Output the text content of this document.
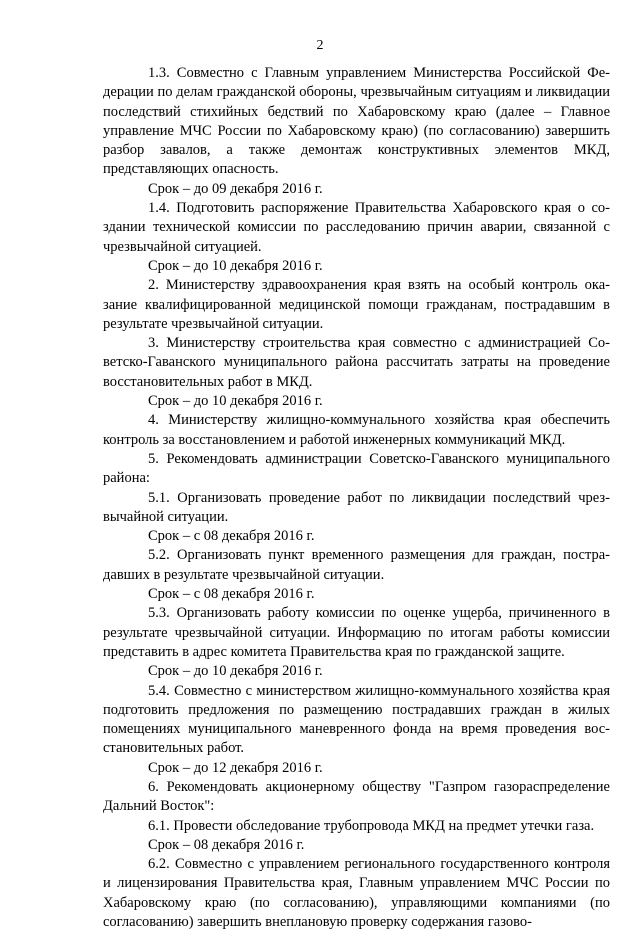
2

1.3. Совместно с Главным управлением Министерства Российской Федерации по делам гражданской обороны, чрезвычайным ситуациям и ликвидации последствий стихийных бедствий по Хабаровскому краю (далее – Главное управление МЧС России по Хабаровскому краю) (по согласованию) завершить разбор завалов, а также демонтаж конструктивных элементов МКД, представляющих опасность.

Срок – до 09 декабря 2016 г.

1.4. Подготовить распоряжение Правительства Хабаровского края о создании технической комиссии по расследованию причин аварии, связанной с чрезвычайной ситуацией.

Срок – до 10 декабря 2016 г.

2. Министерству здравоохранения края взять на особый контроль оказание квалифицированной медицинской помощи гражданам, пострадавшим в результате чрезвычайной ситуации.

3. Министерству строительства края совместно с администрацией Советско-Гаванского муниципального района рассчитать затраты на проведение восстановительных работ в МКД.

Срок – до 10 декабря 2016 г.

4. Министерству жилищно-коммунального хозяйства края обеспечить контроль за восстановлением и работой инженерных коммуникаций МКД.

5. Рекомендовать администрации Советско-Гаванского муниципального района:

5.1. Организовать проведение работ по ликвидации последствий чрезвычайной ситуации.

Срок – с 08 декабря 2016 г.

5.2. Организовать пункт временного размещения для граждан, пострадавших в результате чрезвычайной ситуации.

Срок – с 08 декабря 2016 г.

5.3. Организовать работу комиссии по оценке ущерба, причиненного в результате чрезвычайной ситуации. Информацию по итогам работы комиссии представить в адрес комитета Правительства края по гражданской защите.

Срок – до 10 декабря 2016 г.

5.4. Совместно с министерством жилищно-коммунального хозяйства края подготовить предложения по размещению пострадавших граждан в жилых помещениях муниципального маневренного фонда на время проведения восстановительных работ.

Срок – до 12 декабря 2016 г.

6. Рекомендовать акционерному обществу "Газпром газораспределение Дальний Восток":

6.1. Провести обследование трубопровода МКД на предмет утечки газа.

Срок – 08 декабря 2016 г.

6.2. Совместно с управлением регионального государственного контроля и лицензирования Правительства края, Главным управлением МЧС России по Хабаровскому краю (по согласованию), управляющими компаниями (по согласованию) завершить внеплановую проверку содержания газово-
